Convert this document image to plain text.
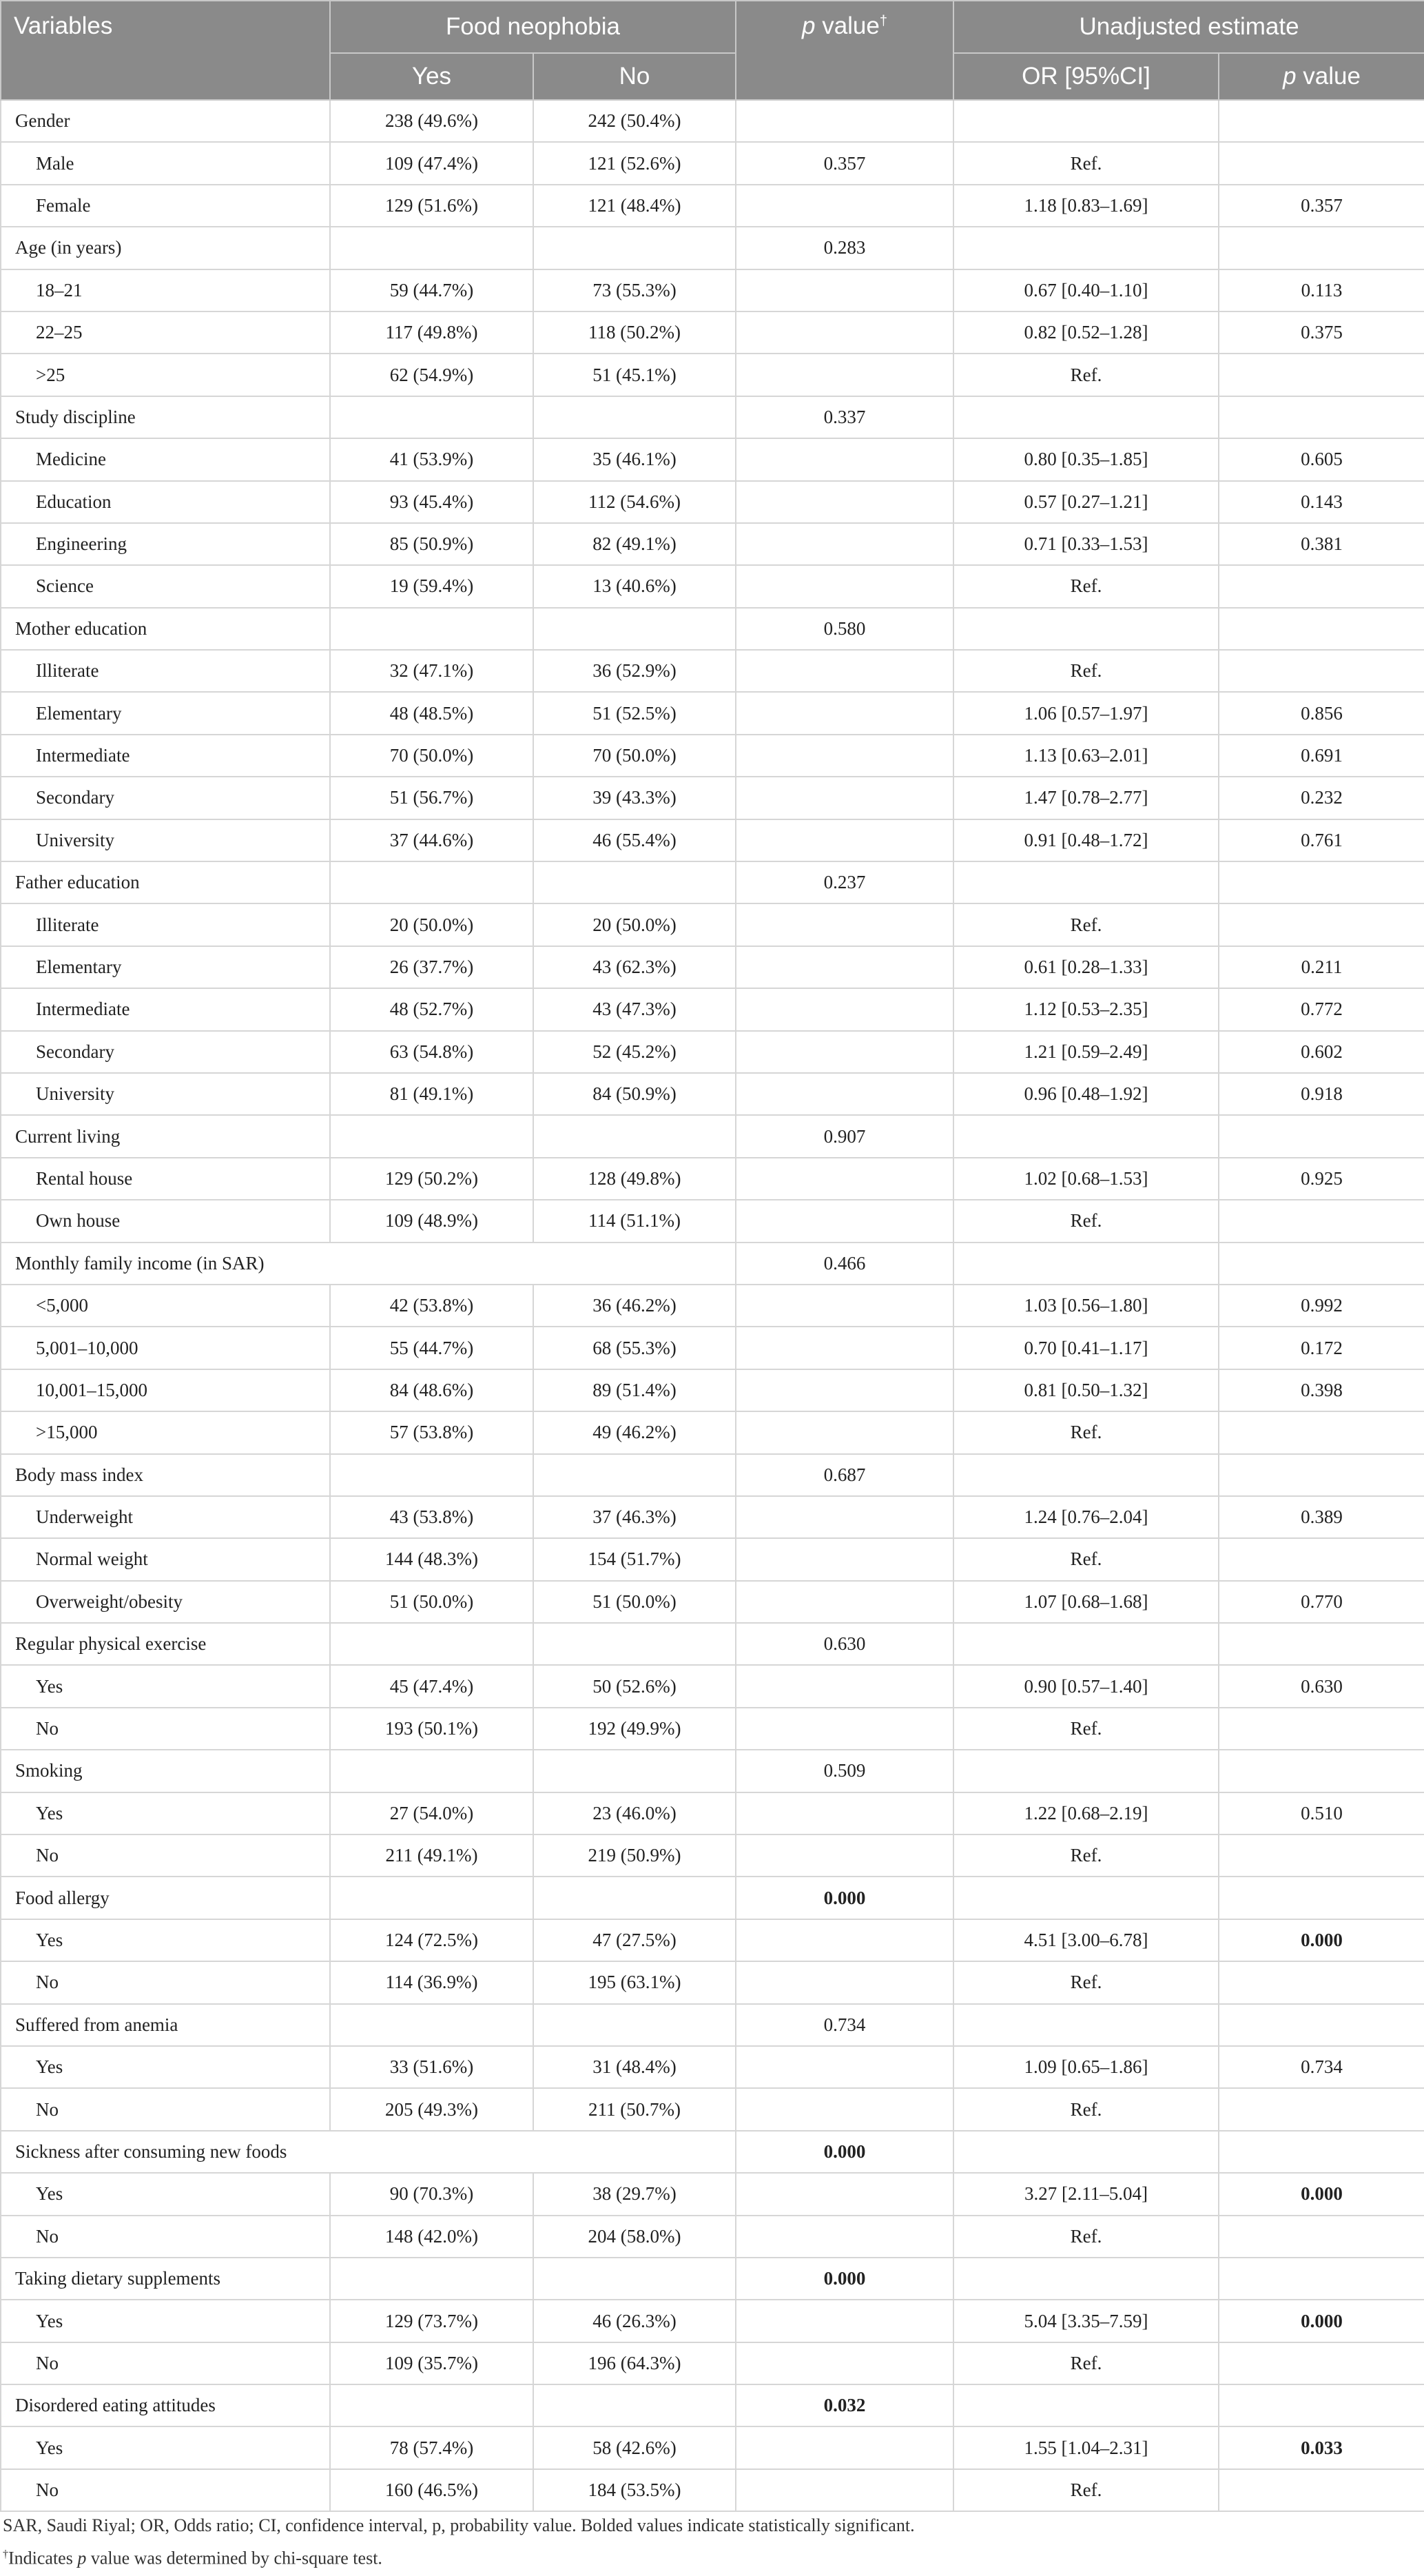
Variables	Food neophobia		p value†	Unadjusted estimate	
	Yes	No		OR [95%CI]	p value
Gender	238 (49.6%)	242 (50.4%)			
Male	109 (47.4%)	121 (52.6%)	0.357	Ref.	
Female	129 (51.6%)	121 (48.4%)		1.18 [0.83–1.69]	0.357
Age (in years)			0.283		
18–21	59 (44.7%)	73 (55.3%)		0.67 [0.40–1.10]	0.113
22–25	117 (49.8%)	118 (50.2%)		0.82 [0.52–1.28]	0.375
>25	62 (54.9%)	51 (45.1%)		Ref.	
Study discipline			0.337		
Medicine	41 (53.9%)	35 (46.1%)		0.80 [0.35–1.85]	0.605
Education	93 (45.4%)	112 (54.6%)		0.57 [0.27–1.21]	0.143
Engineering	85 (50.9%)	82 (49.1%)		0.71 [0.33–1.53]	0.381
Science	19 (59.4%)	13 (40.6%)		Ref.	
Mother education			0.580		
Illiterate	32 (47.1%)	36 (52.9%)		Ref.	
Elementary	48 (48.5%)	51 (52.5%)		1.06 [0.57–1.97]	0.856
Intermediate	70 (50.0%)	70 (50.0%)		1.13 [0.63–2.01]	0.691
Secondary	51 (56.7%)	39 (43.3%)		1.47 [0.78–2.77]	0.232
University	37 (44.6%)	46 (55.4%)		0.91 [0.48–1.72]	0.761
Father education			0.237		
Illiterate	20 (50.0%)	20 (50.0%)		Ref.	
Elementary	26 (37.7%)	43 (62.3%)		0.61 [0.28–1.33]	0.211
Intermediate	48 (52.7%)	43 (47.3%)		1.12 [0.53–2.35]	0.772
Secondary	63 (54.8%)	52 (45.2%)		1.21 [0.59–2.49]	0.602
University	81 (49.1%)	84 (50.9%)		0.96 [0.48–1.92]	0.918
Current living			0.907		
Rental house	129 (50.2%)	128 (49.8%)		1.02 [0.68–1.53]	0.925
Own house	109 (48.9%)	114 (51.1%)		Ref.	
Monthly family income (in SAR)			0.466		
<5,000	42 (53.8%)	36 (46.2%)		1.03 [0.56–1.80]	0.992
5,001–10,000	55 (44.7%)	68 (55.3%)		0.70 [0.41–1.17]	0.172
10,001–15,000	84 (48.6%)	89 (51.4%)		0.81 [0.50–1.32]	0.398
>15,000	57 (53.8%)	49 (46.2%)		Ref.	
Body mass index			0.687		
Underweight	43 (53.8%)	37 (46.3%)		1.24 [0.76–2.04]	0.389
Normal weight	144 (48.3%)	154 (51.7%)		Ref.	
Overweight/obesity	51 (50.0%)	51 (50.0%)		1.07 [0.68–1.68]	0.770
Regular physical exercise			0.630		
Yes	45 (47.4%)	50 (52.6%)		0.90 [0.57–1.40]	0.630
No	193 (50.1%)	192 (49.9%)		Ref.	
Smoking			0.509		
Yes	27 (54.0%)	23 (46.0%)		1.22 [0.68–2.19]	0.510
No	211 (49.1%)	219 (50.9%)		Ref.	
Food allergy			0.000		
Yes	124 (72.5%)	47 (27.5%)		4.51 [3.00–6.78]	0.000
No	114 (36.9%)	195 (63.1%)		Ref.	
Suffered from anemia			0.734		
Yes	33 (51.6%)	31 (48.4%)		1.09 [0.65–1.86]	0.734
No	205 (49.3%)	211 (50.7%)		Ref.	
Sickness after consuming new foods			0.000		
Yes	90 (70.3%)	38 (29.7%)		3.27 [2.11–5.04]	0.000
No	148 (42.0%)	204 (58.0%)		Ref.	
Taking dietary supplements			0.000		
Yes	129 (73.7%)	46 (26.3%)		5.04 [3.35–7.59]	0.000
No	109 (35.7%)	196 (64.3%)		Ref.	
Disordered eating attitudes			0.032		
Yes	78 (57.4%)	58 (42.6%)		1.55 [1.04–2.31]	0.033
No	160 (46.5%)	184 (53.5%)		Ref.	

SAR, Saudi Riyal; OR, Odds ratio; CI, confidence interval, p, probability value. Bolded values indicate statistically significant.

†Indicates p value was determined by chi-square test.
